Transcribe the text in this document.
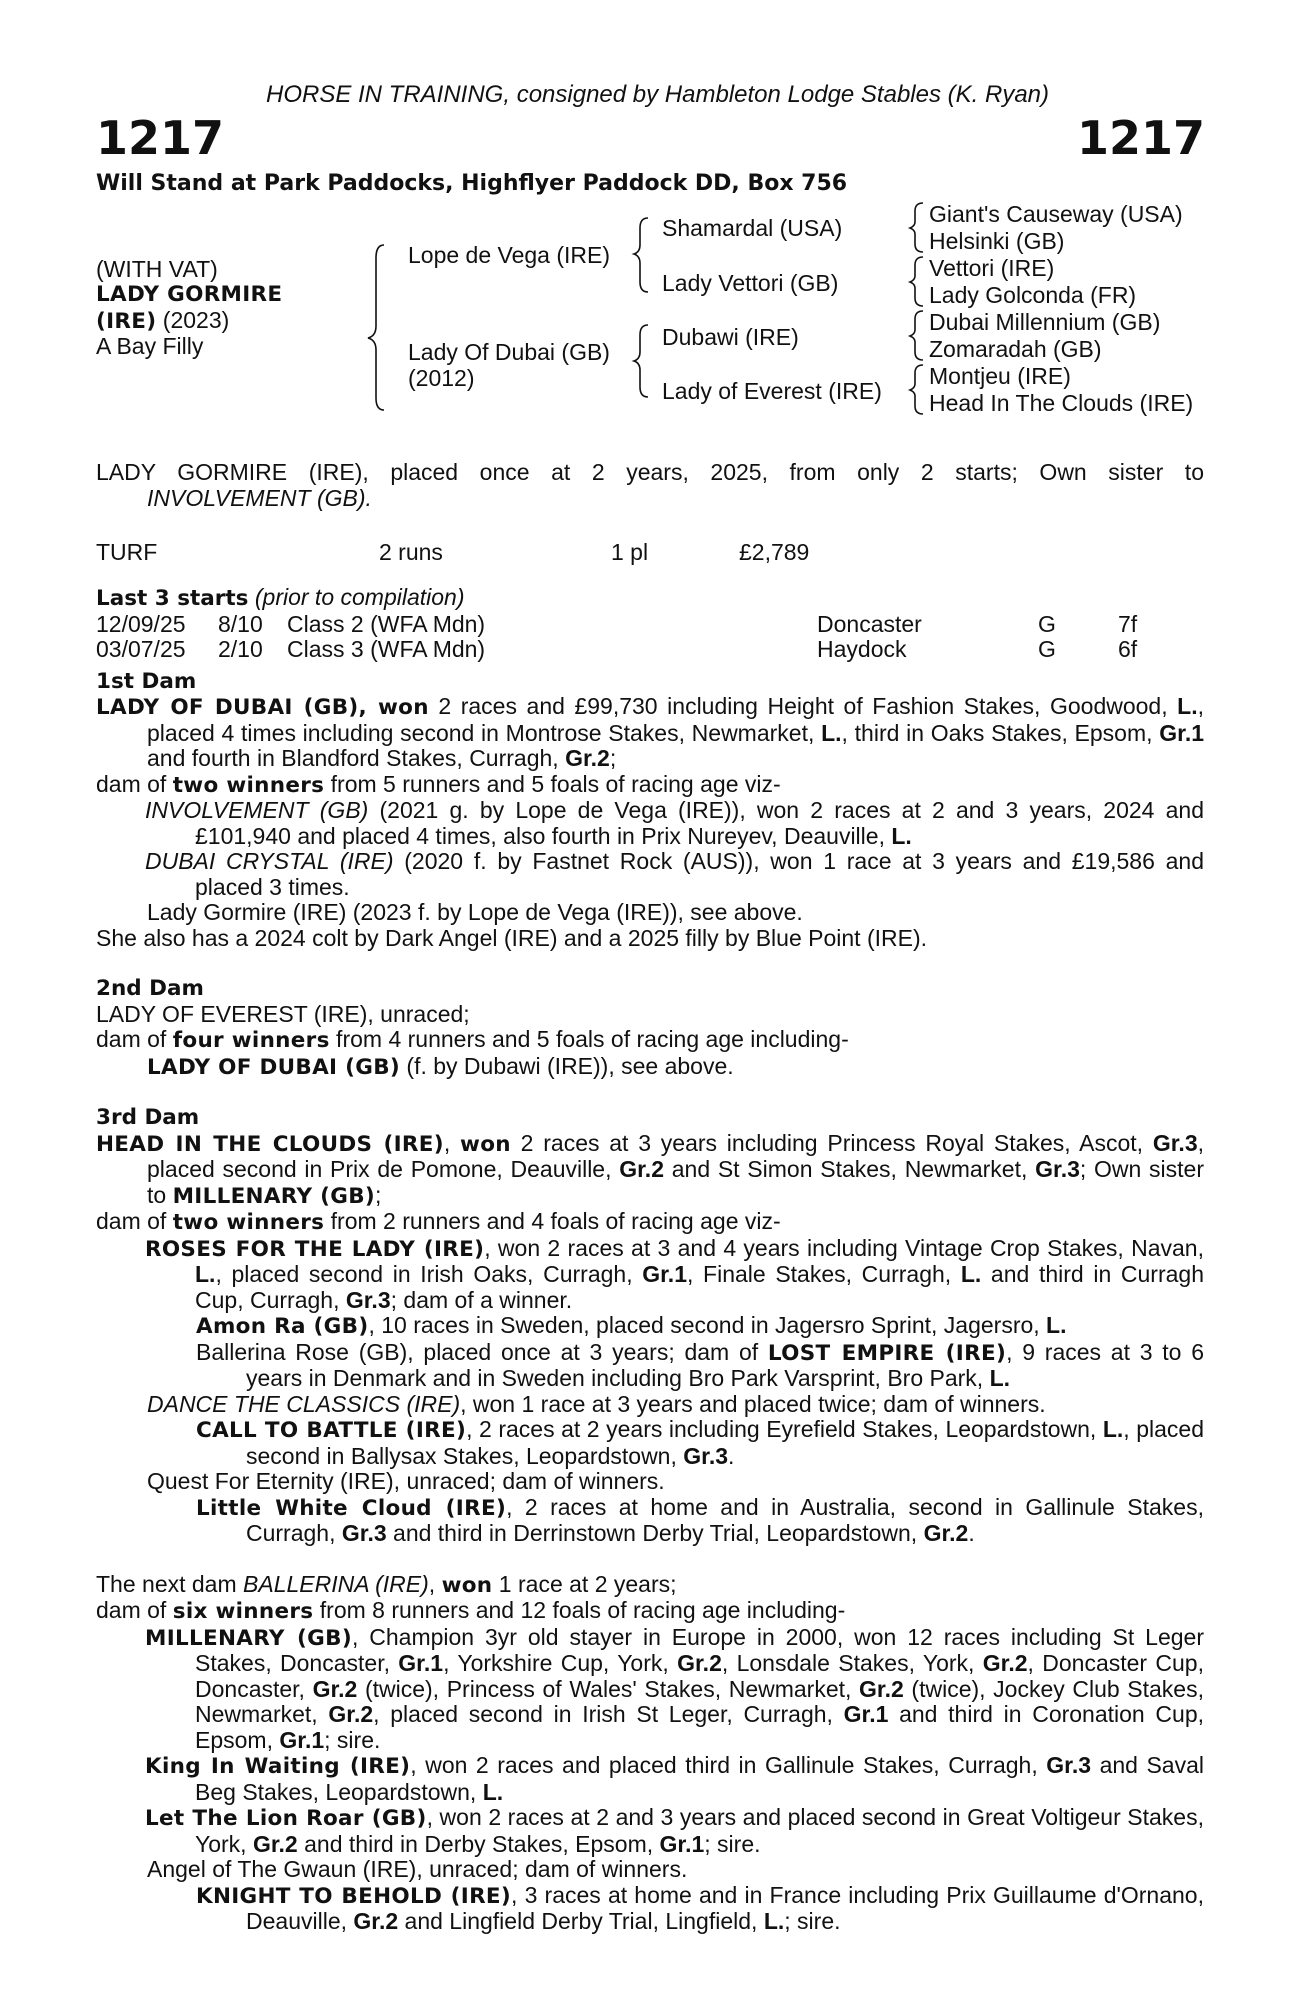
HORSE IN TRAINING, consigned by Hambleton Lodge Stables (K. Ryan)
1217	1217
Will Stand at Park Paddocks, Highflyer Paddock DD, Box 756
(WITH VAT)
LADY GORMIRE
(IRE) (2023)
A Bay Filly
Lope de Vega (IRE)
Lady Of Dubai (GB)
(2012)
Shamardal (USA)
Lady Vettori (GB)
Dubawi (IRE)
Lady of Everest (IRE)
Giant's Causeway (USA)
Helsinki (GB)
Vettori (IRE)
Lady Golconda (FR)
Dubai Millennium (GB)
Zomaradah (GB)
Montjeu (IRE)
Head In The Clouds (IRE)
LADY GORMIRE (IRE), placed once at 2 years, 2025, from only 2 starts; Own sister to
INVOLVEMENT (GB).
TURF	2 runs	1 pl	£2,789
Last 3 starts (prior to compilation)
12/09/25 8/10 Class 2 (WFA Mdn)	Doncaster	G	7f
03/07/25 2/10 Class 3 (WFA Mdn)	Haydock	G	6f
1st Dam
LADY OF DUBAI (GB), won 2 races and £99,730 including Height of Fashion Stakes, Goodwood, L., placed 4 times including second in Montrose Stakes, Newmarket, L., third in Oaks Stakes, Epsom, Gr.1 and fourth in Blandford Stakes, Curragh, Gr.2;
dam of two winners from 5 runners and 5 foals of racing age viz-
INVOLVEMENT (GB) (2021 g. by Lope de Vega (IRE)), won 2 races at 2 and 3 years, 2024 and £101,940 and placed 4 times, also fourth in Prix Nureyev, Deauville, L.
DUBAI CRYSTAL (IRE) (2020 f. by Fastnet Rock (AUS)), won 1 race at 3 years and £19,586 and placed 3 times.
Lady Gormire (IRE) (2023 f. by Lope de Vega (IRE)), see above.
She also has a 2024 colt by Dark Angel (IRE) and a 2025 filly by Blue Point (IRE).
2nd Dam
LADY OF EVEREST (IRE), unraced;
dam of four winners from 4 runners and 5 foals of racing age including-
LADY OF DUBAI (GB) (f. by Dubawi (IRE)), see above.
3rd Dam
HEAD IN THE CLOUDS (IRE), won 2 races at 3 years including Princess Royal Stakes, Ascot, Gr.3, placed second in Prix de Pomone, Deauville, Gr.2 and St Simon Stakes, Newmarket, Gr.3; Own sister to MILLENARY (GB);
dam of two winners from 2 runners and 4 foals of racing age viz-
ROSES FOR THE LADY (IRE), won 2 races at 3 and 4 years including Vintage Crop Stakes, Navan, L., placed second in Irish Oaks, Curragh, Gr.1, Finale Stakes, Curragh, L. and third in Curragh Cup, Curragh, Gr.3; dam of a winner.
Amon Ra (GB), 10 races in Sweden, placed second in Jagersro Sprint, Jagersro, L.
Ballerina Rose (GB), placed once at 3 years; dam of LOST EMPIRE (IRE), 9 races at 3 to 6 years in Denmark and in Sweden including Bro Park Varsprint, Bro Park, L.
DANCE THE CLASSICS (IRE), won 1 race at 3 years and placed twice; dam of winners.
CALL TO BATTLE (IRE), 2 races at 2 years including Eyrefield Stakes, Leopardstown, L., placed second in Ballysax Stakes, Leopardstown, Gr.3.
Quest For Eternity (IRE), unraced; dam of winners.
Little White Cloud (IRE), 2 races at home and in Australia, second in Gallinule Stakes, Curragh, Gr.3 and third in Derrinstown Derby Trial, Leopardstown, Gr.2.
The next dam BALLERINA (IRE), won 1 race at 2 years;
dam of six winners from 8 runners and 12 foals of racing age including-
MILLENARY (GB), Champion 3yr old stayer in Europe in 2000, won 12 races including St Leger Stakes, Doncaster, Gr.1, Yorkshire Cup, York, Gr.2, Lonsdale Stakes, York, Gr.2, Doncaster Cup, Doncaster, Gr.2 (twice), Princess of Wales' Stakes, Newmarket, Gr.2 (twice), Jockey Club Stakes, Newmarket, Gr.2, placed second in Irish St Leger, Curragh, Gr.1 and third in Coronation Cup, Epsom, Gr.1; sire.
King In Waiting (IRE), won 2 races and placed third in Gallinule Stakes, Curragh, Gr.3 and Saval Beg Stakes, Leopardstown, L.
Let The Lion Roar (GB), won 2 races at 2 and 3 years and placed second in Great Voltigeur Stakes, York, Gr.2 and third in Derby Stakes, Epsom, Gr.1; sire.
Angel of The Gwaun (IRE), unraced; dam of winners.
KNIGHT TO BEHOLD (IRE), 3 races at home and in France including Prix Guillaume d'Ornano, Deauville, Gr.2 and Lingfield Derby Trial, Lingfield, L.; sire.
